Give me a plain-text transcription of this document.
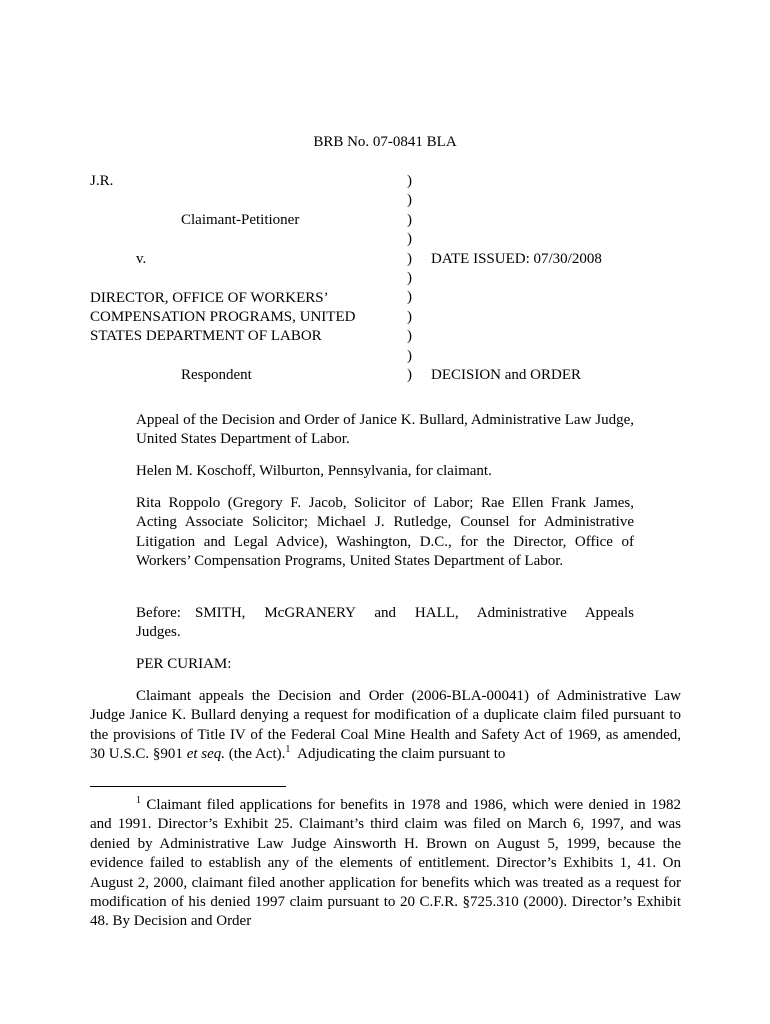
BRB No. 07-0841 BLA
J.R.
Claimant-Petitioner
v.
DIRECTOR, OFFICE OF WORKERS’
COMPENSATION PROGRAMS, UNITED
STATES DEPARTMENT OF LABOR
Respondent
)
)
)
)
)
)
)
)
)
)
)
DATE ISSUED: 07/30/2008
DECISION and ORDER
Appeal of the Decision and Order of Janice K. Bullard, Administrative Law Judge, United States Department of Labor.
Helen M. Koschoff, Wilburton, Pennsylvania, for claimant.
Rita Roppolo (Gregory F. Jacob, Solicitor of Labor; Rae Ellen Frank James, Acting Associate Solicitor; Michael J. Rutledge, Counsel for Administrative Litigation and Legal Advice), Washington, D.C., for the Director, Office of Workers’ Compensation Programs, United States Department of Labor.
Before: SMITH, McGRANERY and HALL, Administrative Appeals
Judges.
PER CURIAM:
Claimant appeals the Decision and Order (2006-BLA-00041) of Administrative Law Judge Janice K. Bullard denying a request for modification of a duplicate claim filed pursuant to the provisions of Title IV of the Federal Coal Mine Health and Safety Act of 1969, as amended, 30 U.S.C. §901 et seq. (the Act).$^1$ Adjudicating the claim pursuant to
$^1$ Claimant filed applications for benefits in 1978 and 1986, which were denied in 1982 and 1991. Director’s Exhibit 25. Claimant’s third claim was filed on March 6, 1997, and was denied by Administrative Law Judge Ainsworth H. Brown on August 5, 1999, because the evidence failed to establish any of the elements of entitlement. Director’s Exhibits 1, 41. On August 2, 2000, claimant filed another application for benefits which was treated as a request for modification of his denied 1997 claim pursuant to 20 C.F.R. §725.310 (2000). Director’s Exhibit 48. By Decision and Order
